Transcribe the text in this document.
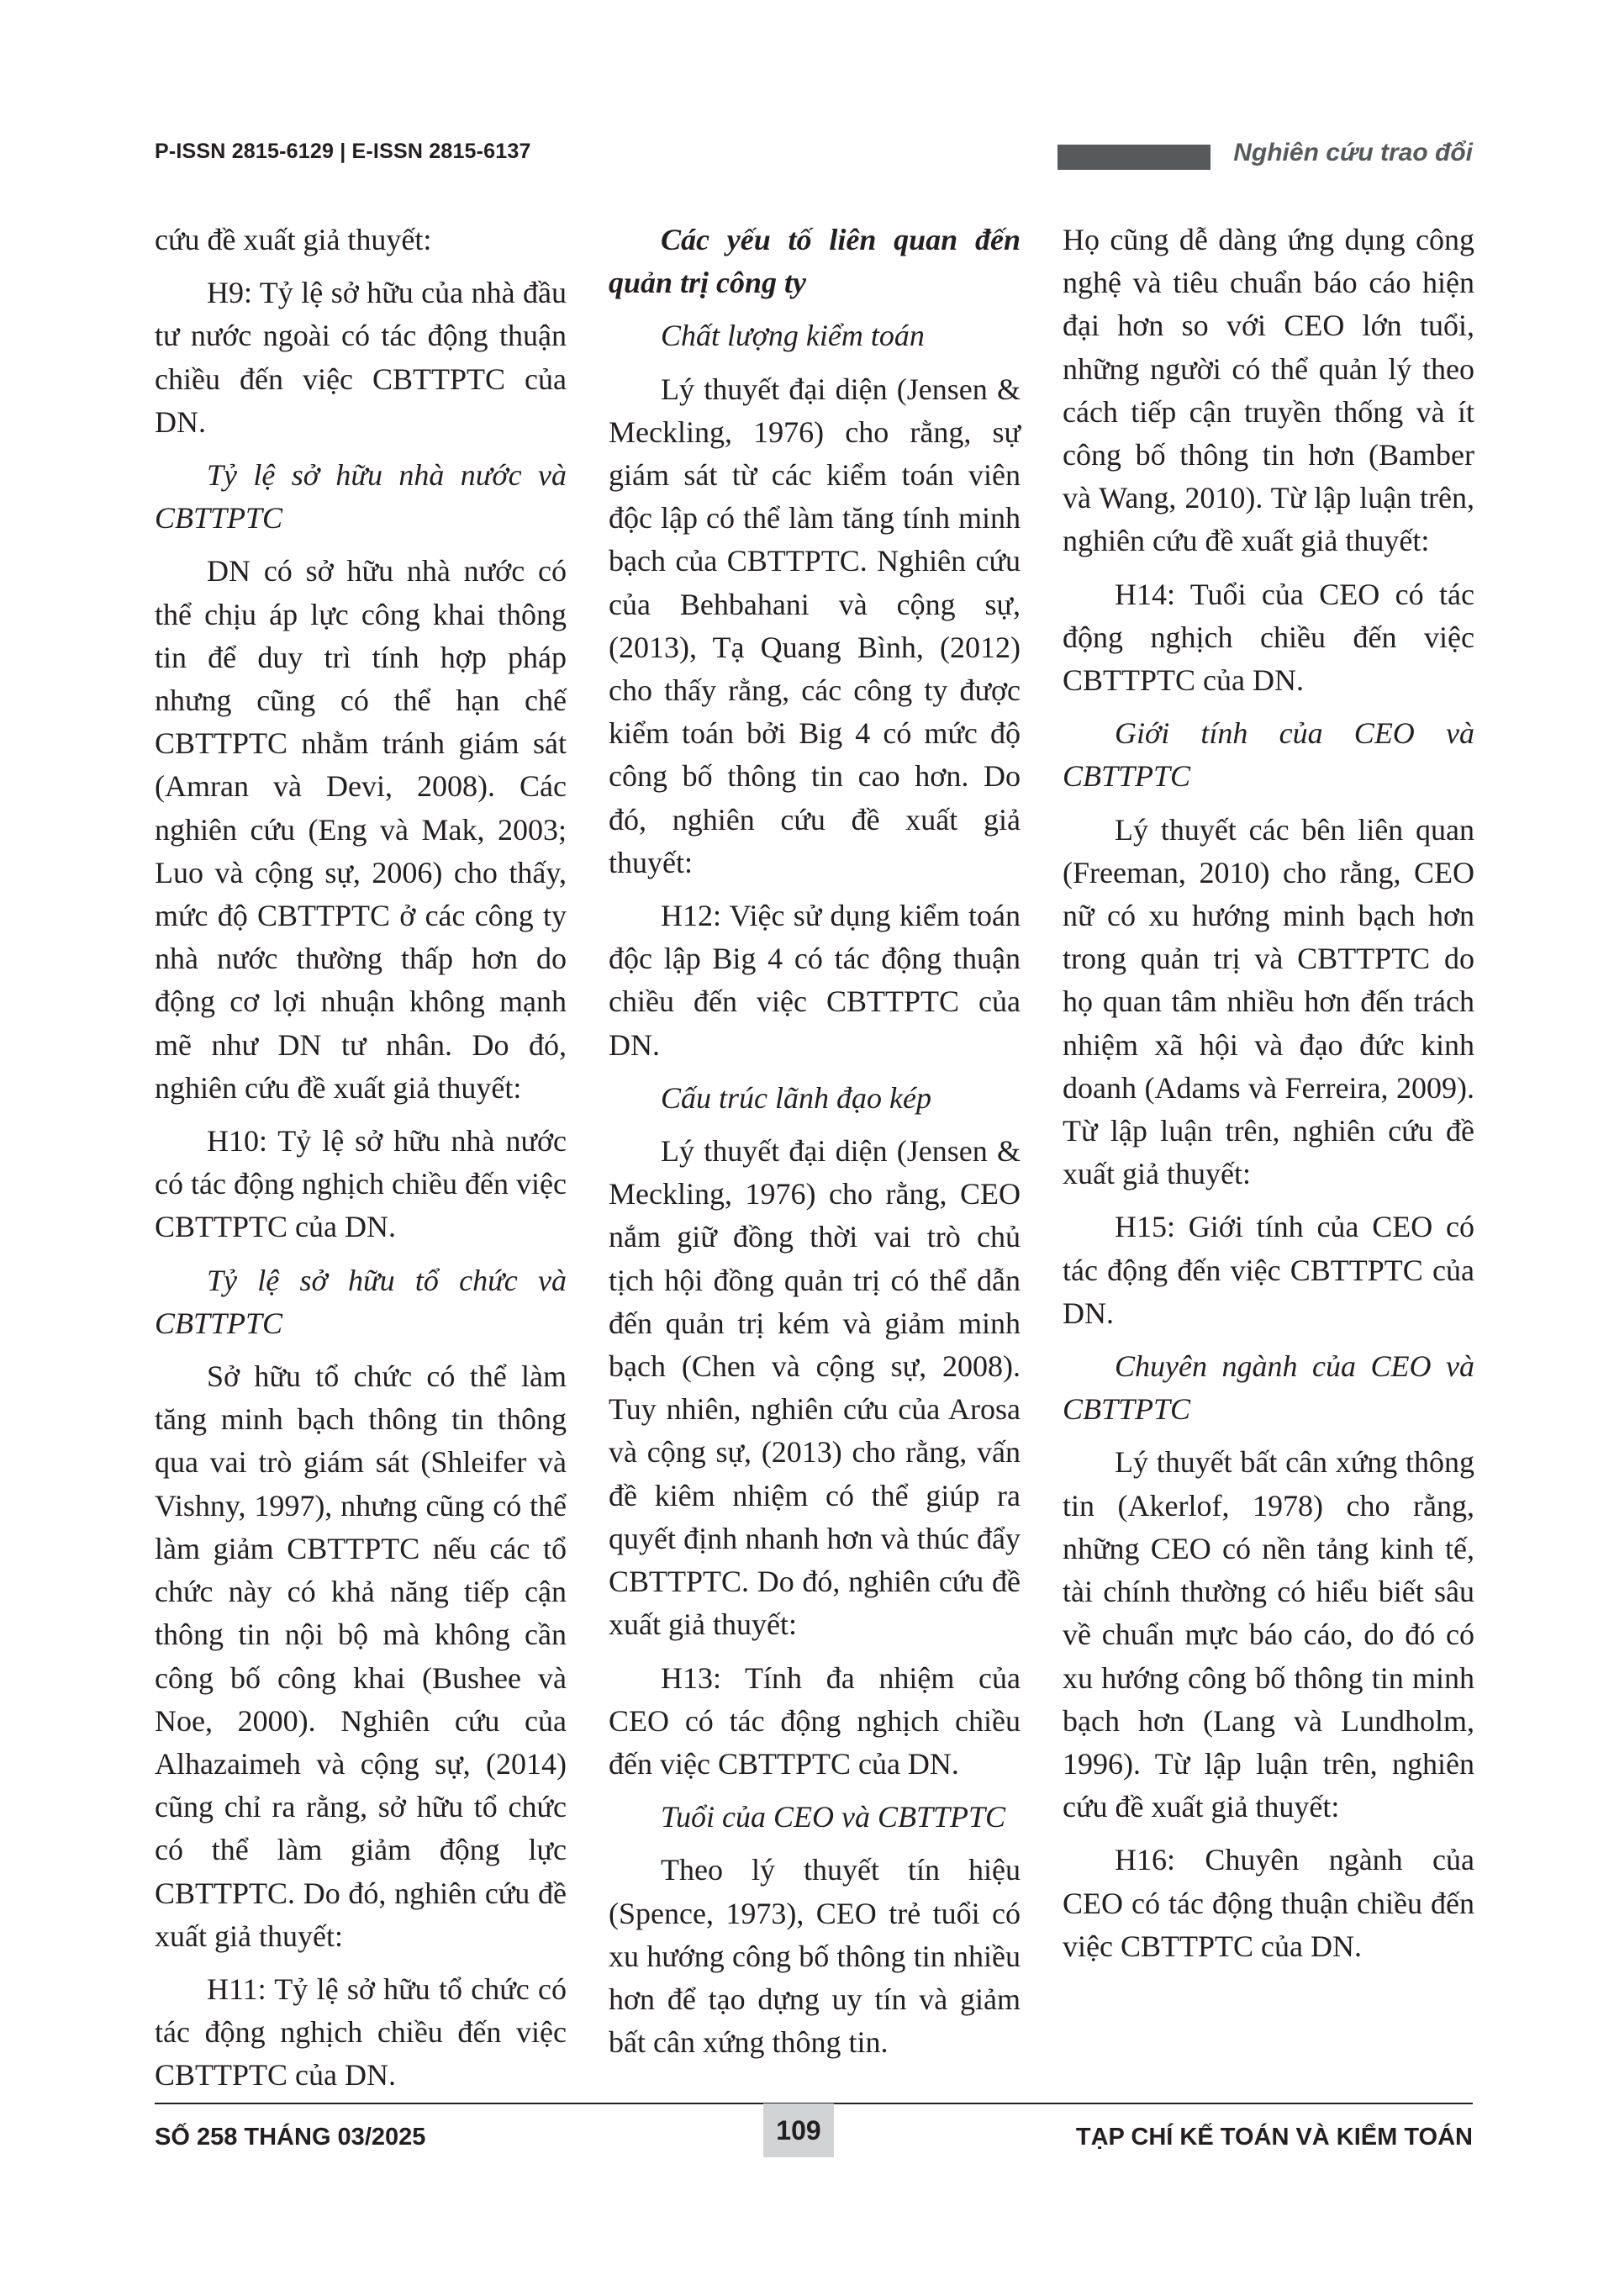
P-ISSN 2815-6129 | E-ISSN 2815-6137	Nghiên cứu trao đổi

cứu đề xuất giả thuyết:

H9: Tỷ lệ sở hữu của nhà đầu tư nước ngoài có tác động thuận chiều đến việc CBTTPTC của DN.

Tỷ lệ sở hữu nhà nước và CBTTPTC

DN có sở hữu nhà nước có thể chịu áp lực công khai thông tin để duy trì tính hợp pháp nhưng cũng có thể hạn chế CBTTPTC nhằm tránh giám sát (Amran và Devi, 2008). Các nghiên cứu (Eng và Mak, 2003; Luo và cộng sự, 2006) cho thấy, mức độ CBTTPTC ở các công ty nhà nước thường thấp hơn do động cơ lợi nhuận không mạnh mẽ như DN tư nhân. Do đó, nghiên cứu đề xuất giả thuyết:

H10: Tỷ lệ sở hữu nhà nước có tác động nghịch chiều đến việc CBTTPTC của DN.

Tỷ lệ sở hữu tổ chức và CBTTPTC

Sở hữu tổ chức có thể làm tăng minh bạch thông tin thông qua vai trò giám sát (Shleifer và Vishny, 1997), nhưng cũng có thể làm giảm CBTTPTC nếu các tổ chức này có khả năng tiếp cận thông tin nội bộ mà không cần công bố công khai (Bushee và Noe, 2000). Nghiên cứu của Alhazaimeh và cộng sự, (2014) cũng chỉ ra rằng, sở hữu tổ chức có thể làm giảm động lực CBTTPTC. Do đó, nghiên cứu đề xuất giả thuyết:

H11: Tỷ lệ sở hữu tổ chức có tác động nghịch chiều đến việc CBTTPTC của DN.

Các yếu tố liên quan đến quản trị công ty

Chất lượng kiểm toán

Lý thuyết đại diện (Jensen & Meckling, 1976) cho rằng, sự giám sát từ các kiểm toán viên độc lập có thể làm tăng tính minh bạch của CBTTPTC. Nghiên cứu của Behbahani và cộng sự, (2013), Tạ Quang Bình, (2012) cho thấy rằng, các công ty được kiểm toán bởi Big 4 có mức độ công bố thông tin cao hơn. Do đó, nghiên cứu đề xuất giả thuyết:

H12: Việc sử dụng kiểm toán độc lập Big 4 có tác động thuận chiều đến việc CBTTPTC của DN.

Cấu trúc lãnh đạo kép

Lý thuyết đại diện (Jensen & Meckling, 1976) cho rằng, CEO nắm giữ đồng thời vai trò chủ tịch hội đồng quản trị có thể dẫn đến quản trị kém và giảm minh bạch (Chen và cộng sự, 2008). Tuy nhiên, nghiên cứu của Arosa và cộng sự, (2013) cho rằng, vấn đề kiêm nhiệm có thể giúp ra quyết định nhanh hơn và thúc đẩy CBTTPTC. Do đó, nghiên cứu đề xuất giả thuyết:

H13: Tính đa nhiệm của CEO có tác động nghịch chiều đến việc CBTTPTC của DN.

Tuổi của CEO và CBTTPTC

Theo lý thuyết tín hiệu (Spence, 1973), CEO trẻ tuổi có xu hướng công bố thông tin nhiều hơn để tạo dựng uy tín và giảm bất cân xứng thông tin.

Họ cũng dễ dàng ứng dụng công nghệ và tiêu chuẩn báo cáo hiện đại hơn so với CEO lớn tuổi, những người có thể quản lý theo cách tiếp cận truyền thống và ít công bố thông tin hơn (Bamber và Wang, 2010). Từ lập luận trên, nghiên cứu đề xuất giả thuyết:

H14: Tuổi của CEO có tác động nghịch chiều đến việc CBTTPTC của DN.

Giới tính của CEO và CBTTPTC

Lý thuyết các bên liên quan (Freeman, 2010) cho rằng, CEO nữ có xu hướng minh bạch hơn trong quản trị và CBTTPTC do họ quan tâm nhiều hơn đến trách nhiệm xã hội và đạo đức kinh doanh (Adams và Ferreira, 2009). Từ lập luận trên, nghiên cứu đề xuất giả thuyết:

H15: Giới tính của CEO có tác động đến việc CBTTPTC của DN.

Chuyên ngành của CEO và CBTTPTC

Lý thuyết bất cân xứng thông tin (Akerlof, 1978) cho rằng, những CEO có nền tảng kinh tế, tài chính thường có hiểu biết sâu về chuẩn mực báo cáo, do đó có xu hướng công bố thông tin minh bạch hơn (Lang và Lundholm, 1996). Từ lập luận trên, nghiên cứu đề xuất giả thuyết:

H16: Chuyên ngành của CEO có tác động thuận chiều đến việc CBTTPTC của DN.

SỐ 258 THÁNG 03/2025	109	TẠP CHÍ KẾ TOÁN VÀ KIỂM TOÁN
